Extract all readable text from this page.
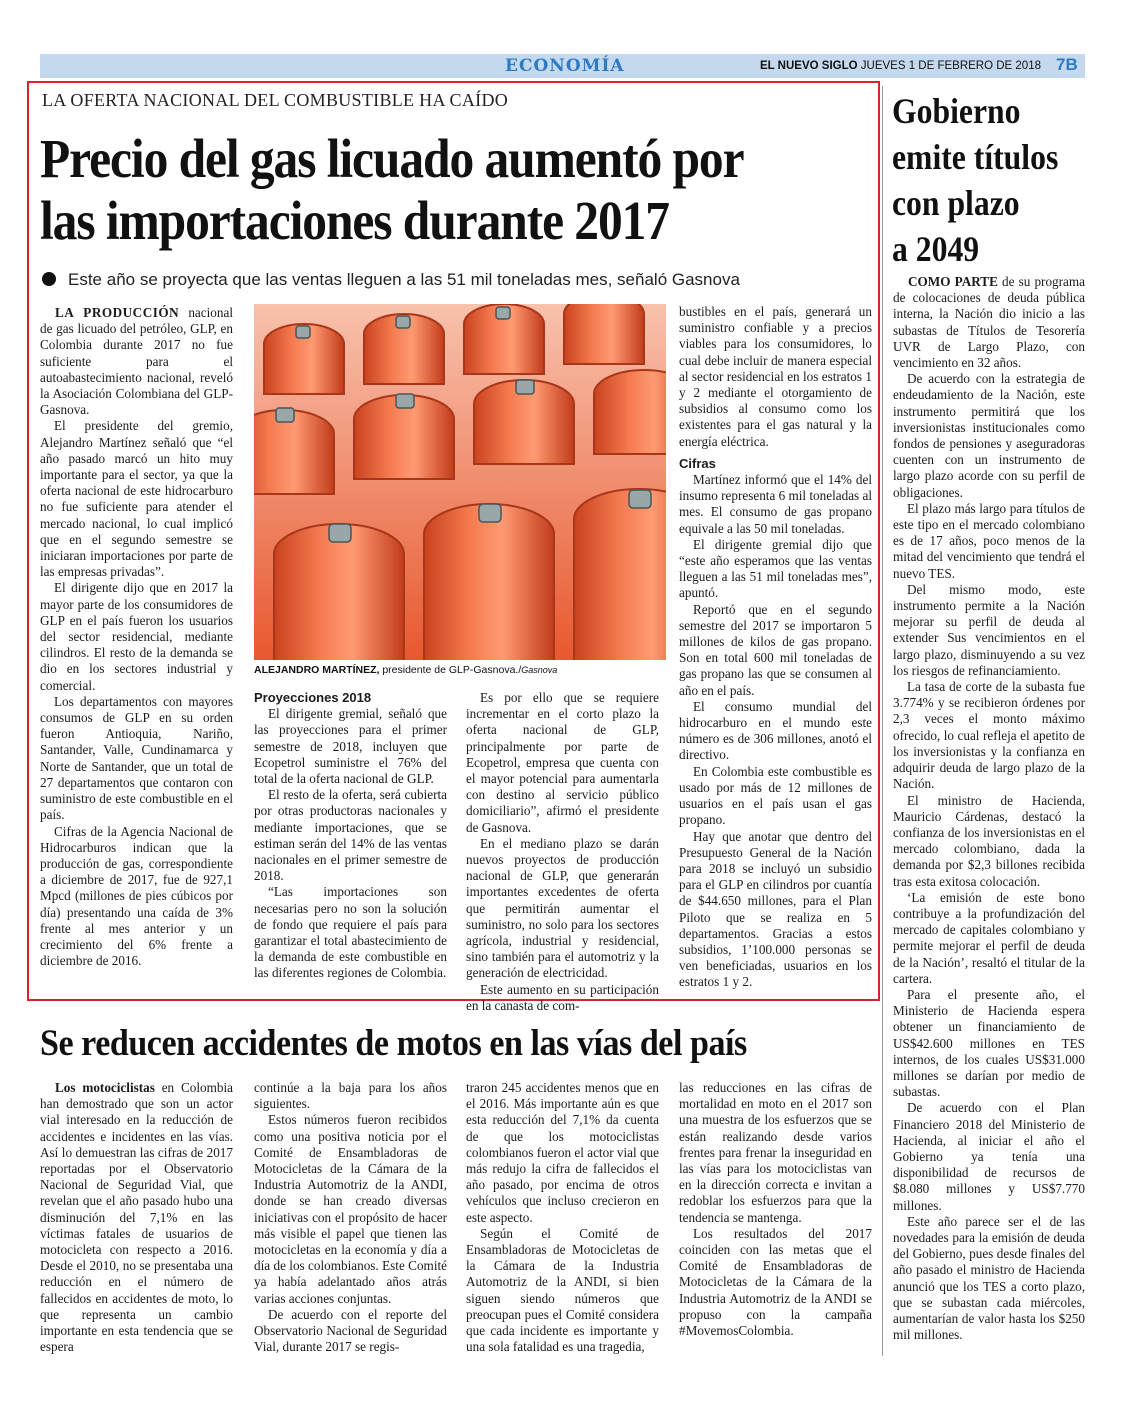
ECONOMÍA	EL NUEVO SIGLO JUEVES 1 DE FEBRERO DE 2018 7B
LA OFERTA NACIONAL DEL COMBUSTIBLE HA CAÍDO
Precio del gas licuado aumentó por
las importaciones durante 2017
Este año se proyecta que las ventas lleguen a las 51 mil toneladas mes, señaló Gasnova

LA PRODUCCIÓN nacional de gas licuado del petróleo, GLP, en Colombia durante 2017 no fue suficiente para el autoabastecimiento nacional, reveló la Asociación Colombiana del GLP-Gasnova.

El presidente del gremio, Alejandro Martínez señaló que “el año pasado marcó un hito muy importante para el sector, ya que la oferta nacional de este hidrocarburo no fue suficiente para atender el mercado nacional, lo cual implicó que en el segundo semestre se iniciaran importaciones por parte de las empresas privadas”.

El dirigente dijo que en 2017 la mayor parte de los consumidores de GLP en el país fueron los usuarios del sector residencial, mediante cilindros. El resto de la demanda se dio en los sectores industrial y comercial.

Los departamentos con mayores consumos de GLP en su orden fueron Antioquia, Nariño, Santander, Valle, Cundinamarca y Norte de Santander, que un total de 27 departamentos que contaron con suministro de este combustible en el país.

Cifras de la Agencia Nacional de Hidrocarburos indican que la producción de gas, correspondiente a diciembre de 2017, fue de 927,1 Mpcd (millones de pies cúbicos por día) presentando una caída de 3% frente al mes anterior y un crecimiento del 6% frente a diciembre de 2016.

ALEJANDRO MARTÍNEZ, presidente de GLP-Gasnova./Gasnova

Proyecciones 2018

El dirigente gremial, señaló que las proyecciones para el primer semestre de 2018, incluyen que Ecopetrol suministre el 76% del total de la oferta nacional de GLP.

El resto de la oferta, será cubierta por otras productoras nacionales y mediante importaciones, que se estiman serán del 14% de las ventas nacionales en el primer semestre de 2018.

“Las importaciones son necesarias pero no son la solución de fondo que requiere el país para garantizar el total abastecimiento de la demanda de este combustible en las diferentes regiones de Colombia.

Es por ello que se requiere incrementar en el corto plazo la oferta nacional de GLP, principalmente por parte de Ecopetrol, empresa que cuenta con el mayor potencial para aumentarla con destino al servicio público domiciliario”, afirmó el presidente de Gasnova.

En el mediano plazo se darán nuevos proyectos de producción nacional de GLP, que generarán importantes excedentes de oferta que permitirán aumentar el suministro, no solo para los sectores agrícola, industrial y residencial, sino también para el automotriz y la generación de electricidad.

Este aumento en su participación en la canasta de com-

bustibles en el país, generará un suministro confiable y a precios viables para los consumidores, lo cual debe incluir de manera especial al sector residencial en los estratos 1 y 2 mediante el otorgamiento de subsidios al consumo como los existentes para el gas natural y la energía eléctrica.

Cifras

Martínez informó que el 14% del insumo representa 6 mil toneladas al mes. El consumo de gas propano equivale a las 50 mil toneladas.

El dirigente gremial dijo que “este año esperamos que las ventas lleguen a las 51 mil toneladas mes”, apuntó.

Reportó que en el segundo semestre del 2017 se importaron 5 millones de kilos de gas propano. Son en total 600 mil toneladas de gas propano las que se consumen al año en el país.

El consumo mundial del hidrocarburo en el mundo este número es de 306 millones, anotó el directivo.

En Colombia este combustible es usado por más de 12 millones de usuarios en el país usan el gas propano.

Hay que anotar que dentro del Presupuesto General de la Nación para 2018 se incluyó un subsidio para el GLP en cilindros por cuantía de $44.650 millones, para el Plan Piloto que se realiza en 5 departamentos. Gracias a estos subsidios, 1’100.000 personas se ven beneficiadas, usuarios en los estratos 1 y 2.

Gobierno
emite títulos
con plazo
a 2049

COMO PARTE de su programa de colocaciones de deuda pública interna, la Nación dio inicio a las subastas de Títulos de Tesorería UVR de Largo Plazo, con vencimiento en 32 años.

De acuerdo con la estrategia de endeudamiento de la Nación, este instrumento permitirá que los inversionistas institucionales como fondos de pensiones y aseguradoras cuenten con un instrumento de largo plazo acorde con su perfil de obligaciones.

El plazo más largo para títulos de este tipo en el mercado colombiano es de 17 años, poco menos de la mitad del vencimiento que tendrá el nuevo TES.

Del mismo modo, este instrumento permite a la Nación mejorar su perfil de deuda al extender Sus vencimientos en el largo plazo, disminuyendo a su vez los riesgos de refinanciamiento.

La tasa de corte de la subasta fue 3.774% y se recibieron órdenes por 2,3 veces el monto máximo ofrecido, lo cual refleja el apetito de los inversionistas y la confianza en adquirir deuda de largo plazo de la Nación.

El ministro de Hacienda, Mauricio Cárdenas, destacó la confianza de los inversionistas en el mercado colombiano, dada la demanda por $2,3 billones recibida tras esta exitosa colocación.

‘La emisión de este bono contribuye a la profundización del mercado de capitales colombiano y permite mejorar el perfil de deuda de la Nación’, resaltó el titular de la cartera.

Para el presente año, el Ministerio de Hacienda espera obtener un financiamiento de US$42.600 millones en TES internos, de los cuales US$31.000 millones se darían por medio de subastas.

De acuerdo con el Plan Financiero 2018 del Ministerio de Hacienda, al iniciar el año el Gobierno ya tenía una disponibilidad de recursos de $8.080 millones y US$7.770 millones.

Este año parece ser el de las novedades para la emisión de deuda del Gobierno, pues desde finales del año pasado el ministro de Hacienda anunció que los TES a corto plazo, que se subastan cada miércoles, aumentarían de valor hasta los $250 mil millones.

Se reducen accidentes de motos en las vías del país

Los motociclistas en Colombia han demostrado que son un actor vial interesado en la reducción de accidentes e incidentes en las vías. Así lo demuestran las cifras de 2017 reportadas por el Observatorio Nacional de Seguridad Vial, que revelan que el año pasado hubo una disminución del 7,1% en las víctimas fatales de usuarios de motocicleta con respecto a 2016. Desde el 2010, no se presentaba una reducción en el número de fallecidos en accidentes de moto, lo que representa un cambio importante en esta tendencia que se espera

continúe a la baja para los años siguientes.

Estos números fueron recibidos como una positiva noticia por el Comité de Ensambladoras de Motocicletas de la Cámara de la Industria Automotriz de la ANDI, donde se han creado diversas iniciativas con el propósito de hacer más visible el papel que tienen las motocicletas en la economía y día a día de los colombianos. Este Comité ya había adelantado años atrás varias acciones conjuntas.

De acuerdo con el reporte del Observatorio Nacional de Seguridad Vial, durante 2017 se regis-

traron 245 accidentes menos que en el 2016. Más importante aún es que esta reducción del 7,1% da cuenta de que los motociclistas colombianos fueron el actor vial que más redujo la cifra de fallecidos el año pasado, por encima de otros vehículos que incluso crecieron en este aspecto.

Según el Comité de Ensambladoras de Motocicletas de la Cámara de la Industria Automotriz de la ANDI, si bien siguen siendo números que preocupan pues el Comité considera que cada incidente es importante y una sola fatalidad es una tragedia,

las reducciones en las cifras de mortalidad en moto en el 2017 son una muestra de los esfuerzos que se están realizando desde varios frentes para frenar la inseguridad en las vías para los motociclistas van en la dirección correcta e invitan a redoblar los esfuerzos para que la tendencia se mantenga.

Los resultados del 2017 coinciden con las metas que el Comité de Ensambladoras de Motocicletas de la Cámara de la Industria Automotriz de la ANDI se propuso con la campaña #MovemosColombia.
